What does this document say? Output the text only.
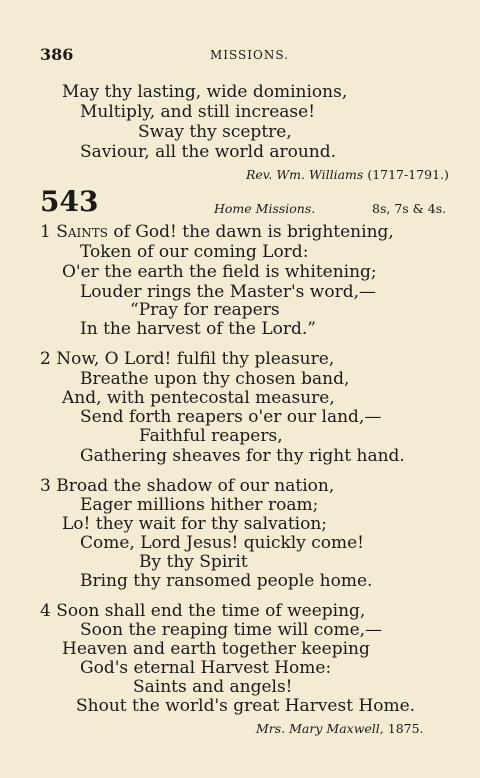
386	MISSIONS.
May thy lasting, wide dominions,
Multiply, and still increase!
Sway thy sceptre,
Saviour, all the world around.
Rev. Wm. Williams (1717-1791.)
543	Home Missions.	8s, 7s & 4s.
1 Saints of God! the dawn is brightening,
Token of our coming Lord:
O'er the earth the field is whitening;
Louder rings the Master's word,—
“Pray for reapers
In the harvest of the Lord.”
2 Now, O Lord! fulfil thy pleasure,
Breathe upon thy chosen band,
And, with pentecostal measure,
Send forth reapers o'er our land,—
Faithful reapers,
Gathering sheaves for thy right hand.
3 Broad the shadow of our nation,
Eager millions hither roam;
Lo! they wait for thy salvation;
Come, Lord Jesus! quickly come!
By thy Spirit
Bring thy ransomed people home.
4 Soon shall end the time of weeping,
Soon the reaping time will come,—
Heaven and earth together keeping
God's eternal Harvest Home:
Saints and angels!
Shout the world's great Harvest Home.
Mrs. Mary Maxwell, 1875.
